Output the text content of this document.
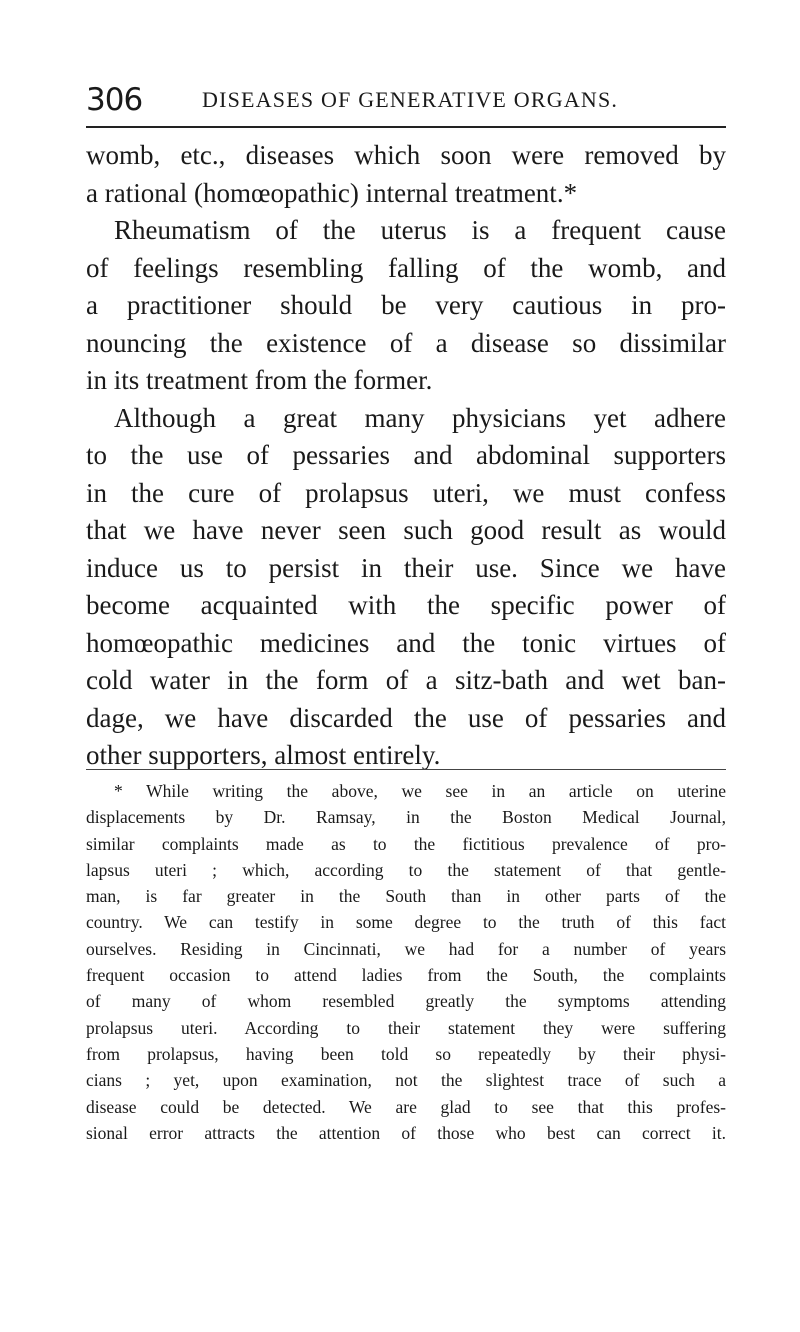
306	DISEASES OF GENERATIVE ORGANS.
womb, etc., diseases which soon were removed by
a rational (homœopathic) internal treatment.*
Rheumatism of the uterus is a frequent cause
of feelings resembling falling of the womb, and
a practitioner should be very cautious in pro-
nouncing the existence of a disease so dissimilar
in its treatment from the former.
Although a great many physicians yet adhere
to the use of pessaries and abdominal supporters
in the cure of prolapsus uteri, we must confess
that we have never seen such good result as would
induce us to persist in their use. Since we have
become acquainted with the specific power of
homœopathic medicines and the tonic virtues of
cold water in the form of a sitz-bath and wet ban-
dage, we have discarded the use of pessaries and
other supporters, almost entirely.
* While writing the above, we see in an article on uterine
displacements by Dr. Ramsay, in the Boston Medical Journal,
similar complaints made as to the fictitious prevalence of pro-
lapsus uteri ; which, according to the statement of that gentle-
man, is far greater in the South than in other parts of the
country. We can testify in some degree to the truth of this fact
ourselves. Residing in Cincinnati, we had for a number of years
frequent occasion to attend ladies from the South, the complaints
of many of whom resembled greatly the symptoms attending
prolapsus uteri. According to their statement they were suffering
from prolapsus, having been told so repeatedly by their physi-
cians ; yet, upon examination, not the slightest trace of such a
disease could be detected. We are glad to see that this profes-
sional error attracts the attention of those who best can correct it.
